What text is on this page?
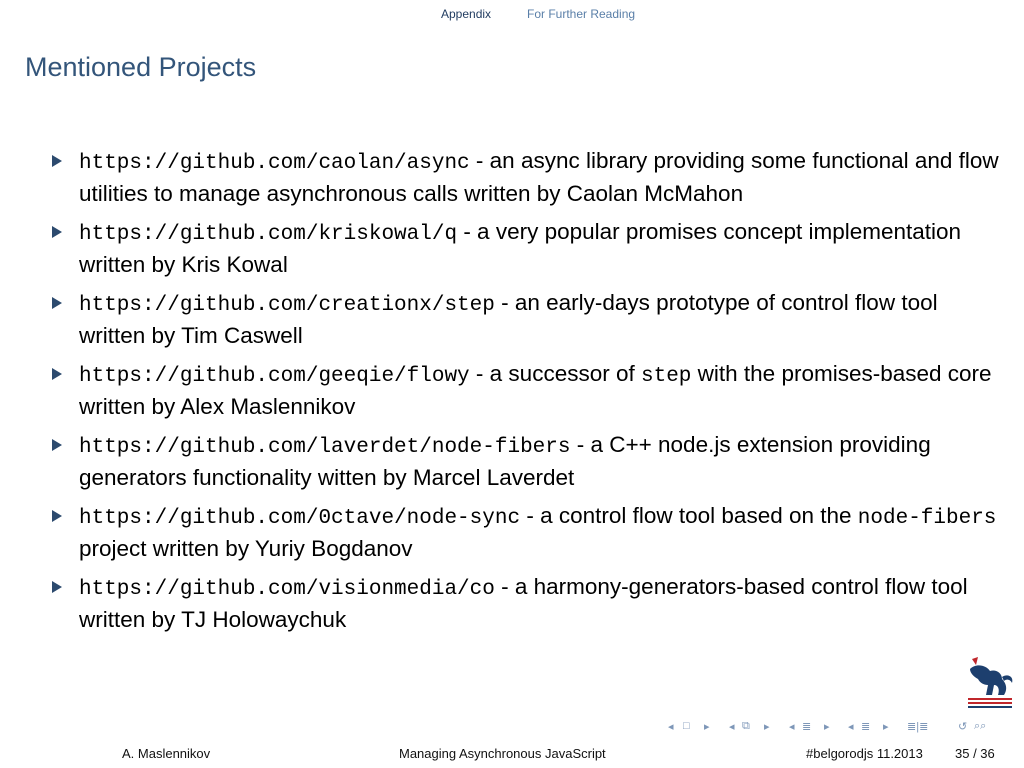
Appendix	For Further Reading
Mentioned Projects
https://github.com/caolan/async - an async library providing some functional and flow utilities to manage asynchronous calls written by Caolan McMahon
https://github.com/kriskowal/q - a very popular promises concept implementation written by Kris Kowal
https://github.com/creationx/step - an early-days prototype of control flow tool written by Tim Caswell
https://github.com/geeqie/flowy - a successor of step with the promises-based core written by Alex Maslennikov
https://github.com/laverdet/node-fibers - a C++ node.js extension providing generators functionality witten by Marcel Laverdet
https://github.com/0ctave/node-sync - a control flow tool based on the node-fibers project written by Yuriy Bogdanov
https://github.com/visionmedia/co - a harmony-generators-based control flow tool written by TJ Holowaychuk
◂ □ ▸ ◂ ⧉ ▸ ◂ ≣ ▸ ◂ ≣ ▸ ≣|≣	↺ ⌕⌕
A. Maslennikov	Managing Asynchronous JavaScript	#belgorodjs 11.2013 35 / 36
